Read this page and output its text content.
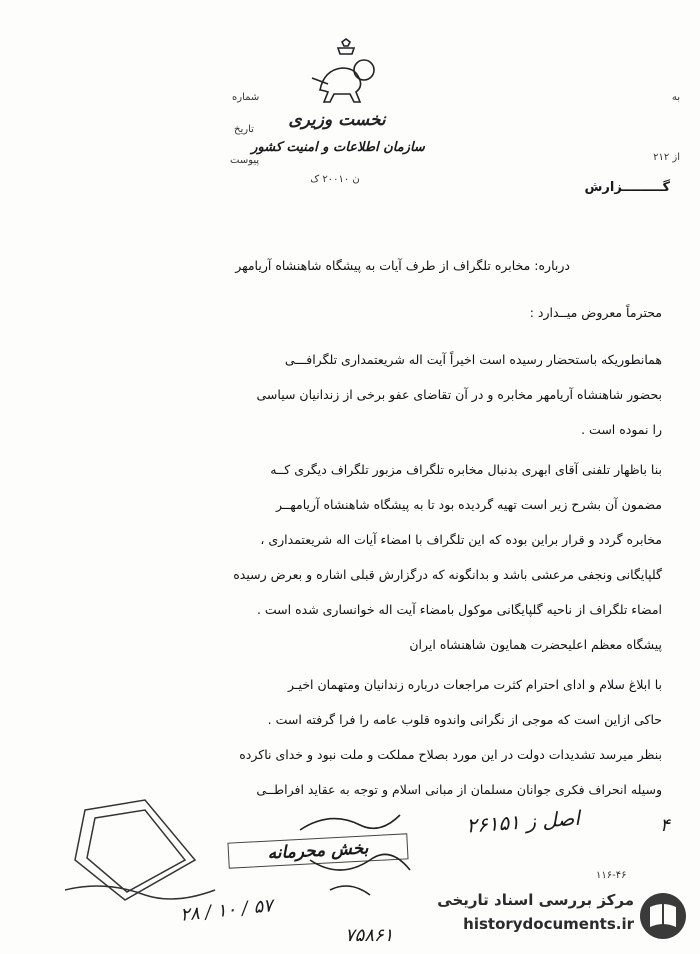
شماره
تاریخ
پیوست
نخست وزیری
سازمان اطلاعات و امنیت کشور
ن ۲۰۰۱۰ ک
به
از ۲۱۲
گـــــــــزارش
درباره: مخابره تلگراف از طرف آیات به پیشگاه شاهنشاه آریامهر
محترماً معروض میــدارد :
همانطوریکه باستحضار رسیده است اخیراً آیت اله شریعتمداری تلگرافـــی
بحضور شاهنشاه آریامهر مخابره و در آن تقاضای عفو برخی از زندانیان سیاسی
را نموده است .
بنا باظهار تلفنی آقای ابهری بدنبال مخابره تلگراف مزبور تلگراف دیگری کــه
مضمون آن بشرح زیر است تهیه گردیده بود تا به پیشگاه شاهنشاه آریامهــر
مخابره گردد و قرار براین بوده که این تلگراف با امضاء آیات اله شریعتمداری ،
گلپایگانی ونجفی مرعشی باشد و بدانگونه که درگزارش قبلی اشاره و بعرض رسیده
امضاء تلگراف از ناحیه گلپایگانی موکول بامضاء آیت اله خوانساری شده است .
پیشگاه معظم اعلیحضرت همایون شاهنشاه ایران
با ابلاغ سلام و ادای احترام کثرت مراجعات درباره زندانیان ومتهمان اخیـر
حاکی ازاین است که موجی از نگرانی واندوه قلوب عامه را فرا گرفته است .
بنظر میرسد تشدیدات دولت در این مورد بصلاح مملکت و ملت نبود و خدای ناکرده
وسیله انحراف فکری جوانان مسلمان از مبانی اسلام و توجه به عقاید افراطــی
۴
اصل ز ۲۶۱۵۱
بخش محرمانه
۱۱۶-۴۶
۲۸ / ۱۰ / ۵۷
۷۵۸۶۱
مرکز بررسی اسناد تاریخی
historydocuments.ir
